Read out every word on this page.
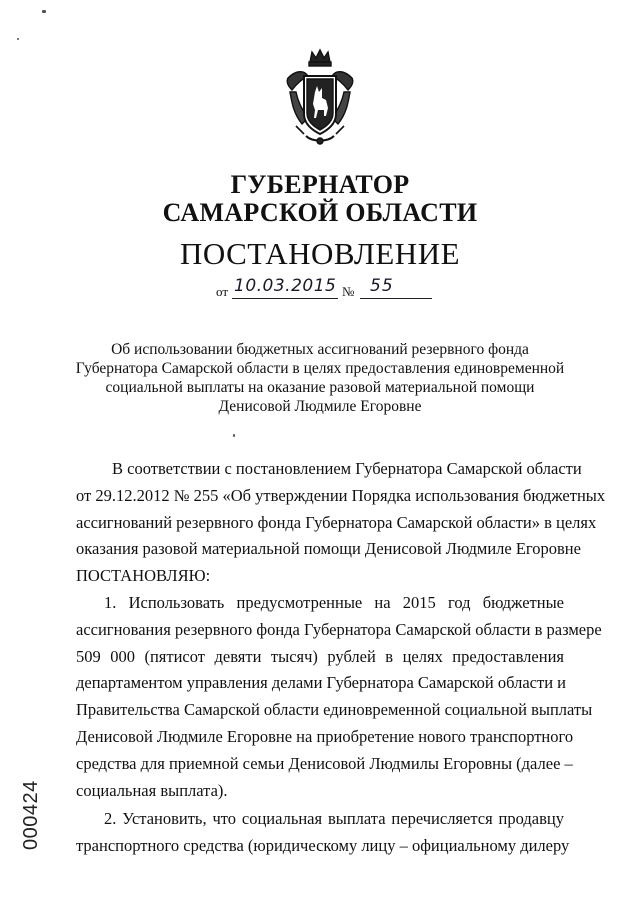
ГУБЕРНАТОР
САМАРСКОЙ ОБЛАСТИ
ПОСТАНОВЛЕНИЕ
от 10.03.2015 № 55
Об использовании бюджетных ассигнований резервного фонда
Губернатора Самарской области в целях предоставления единовременной
социальной выплаты на оказание разовой материальной помощи
Денисовой Людмиле Егоровне
В соответствии с постановлением Губернатора Самарской области
от 29.12.2012 № 255 «Об утверждении Порядка использования бюджетных
ассигнований резервного фонда Губернатора Самарской области» в целях
оказания разовой материальной помощи Денисовой Людмиле Егоровне
ПОСТАНОВЛЯЮ:
1. Использовать предусмотренные на 2015 год бюджетные
ассигнования резервного фонда Губернатора Самарской области в размере
509 000 (пятисот девяти тысяч) рублей в целях предоставления
департаментом управления делами Губернатора Самарской области и
Правительства Самарской области единовременной социальной выплаты
Денисовой Людмиле Егоровне на приобретение нового транспортного
средства для приемной семьи Денисовой Людмилы Егоровны (далее –
социальная выплата).
2. Установить, что социальная выплата перечисляется продавцу
транспортного средства (юридическому лицу – официальному дилеру
000424
